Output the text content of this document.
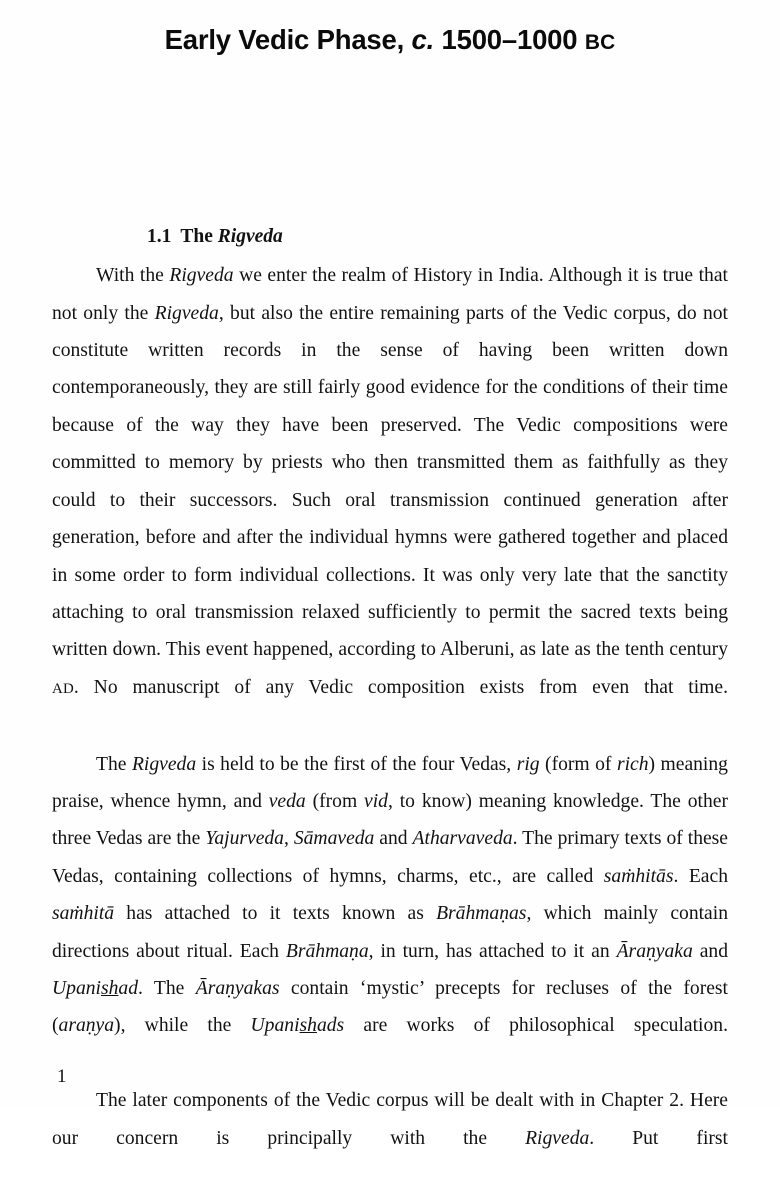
Early Vedic Phase, c. 1500–1000 BC
1.1 The Rigveda

With the Rigveda we enter the realm of History in India. Although it is true that not only the Rigveda, but also the entire remaining parts of the Vedic corpus, do not constitute written records in the sense of having been written down contemporaneously, they are still fairly good evidence for the conditions of their time because of the way they have been preserved. The Vedic compositions were committed to memory by priests who then transmitted them as faithfully as they could to their successors. Such oral transmission continued generation after generation, before and after the individual hymns were gathered together and placed in some order to form individual collections. It was only very late that the sanctity attaching to oral transmission relaxed sufficiently to permit the sacred texts being written down. This event happened, according to Alberuni, as late as the tenth century AD. No manuscript of any Vedic composition exists from even that time.

The Rigveda is held to be the first of the four Vedas, rig (form of rich) meaning praise, whence hymn, and veda (from vid, to know) meaning knowledge. The other three Vedas are the Yajurveda, Sāmaveda and Atharvaveda. The primary texts of these Vedas, containing collections of hymns, charms, etc., are called saṁhitās. Each saṁhitā has attached to it texts known as Brāhmaṇas, which mainly contain directions about ritual. Each Brāhmaṇa, in turn, has attached to it an Āraṇyaka and Upanishad. The Āraṇyakas contain ‘mystic’ precepts for recluses of the forest (araṇya), while the Upanishads are works of philosophical speculation.

The later components of the Vedic corpus will be dealt with in Chapter 2. Here our concern is principally with the Rigveda. Put first

1
